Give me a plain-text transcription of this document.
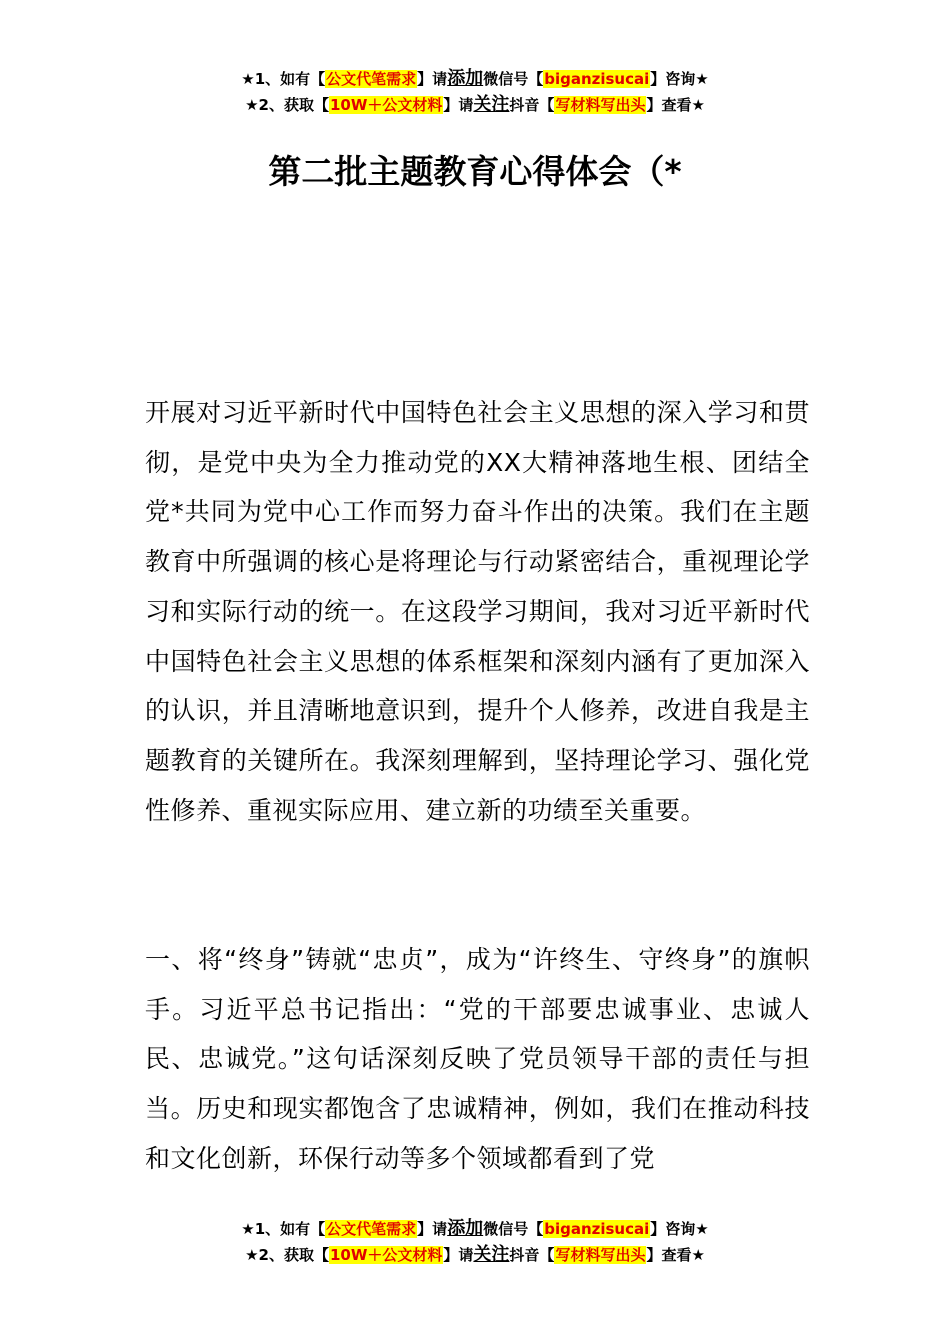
★1、如有【公文代笔需求】请添加微信号【biganzisucai】咨询★
★2、获取【10W＋公文材料】请关注抖音【写材料写出头】查看★
第二批主题教育心得体会（*

开展对习近平新时代中国特色社会主义思想的深入学习和贯彻，是党中央为全力推动党的XX大精神落地生根、团结全党*共同为党中心工作而努力奋斗作出的决策。我们在主题教育中所强调的核心是将理论与行动紧密结合，重视理论学习和实际行动的统一。在这段学习期间，我对习近平新时代中国特色社会主义思想的体系框架和深刻内涵有了更加深入的认识，并且清晰地意识到，提升个人修养，改进自我是主题教育的关键所在。我深刻理解到，坚持理论学习、强化党性修养、重视实际应用、建立新的功绩至关重要。

一、将“终身”铸就“忠贞”，成为“许终生、守终身”的旗帜手。习近平总书记指出：“党的干部要忠诚事业、忠诚人民、忠诚党。”这句话深刻反映了党员领导干部的责任与担当。历史和现实都饱含了忠诚精神，例如，我们在推动科技和文化创新，环保行动等多个领域都看到了党

★1、如有【公文代笔需求】请添加微信号【biganzisucai】咨询★
★2、获取【10W＋公文材料】请关注抖音【写材料写出头】查看★
